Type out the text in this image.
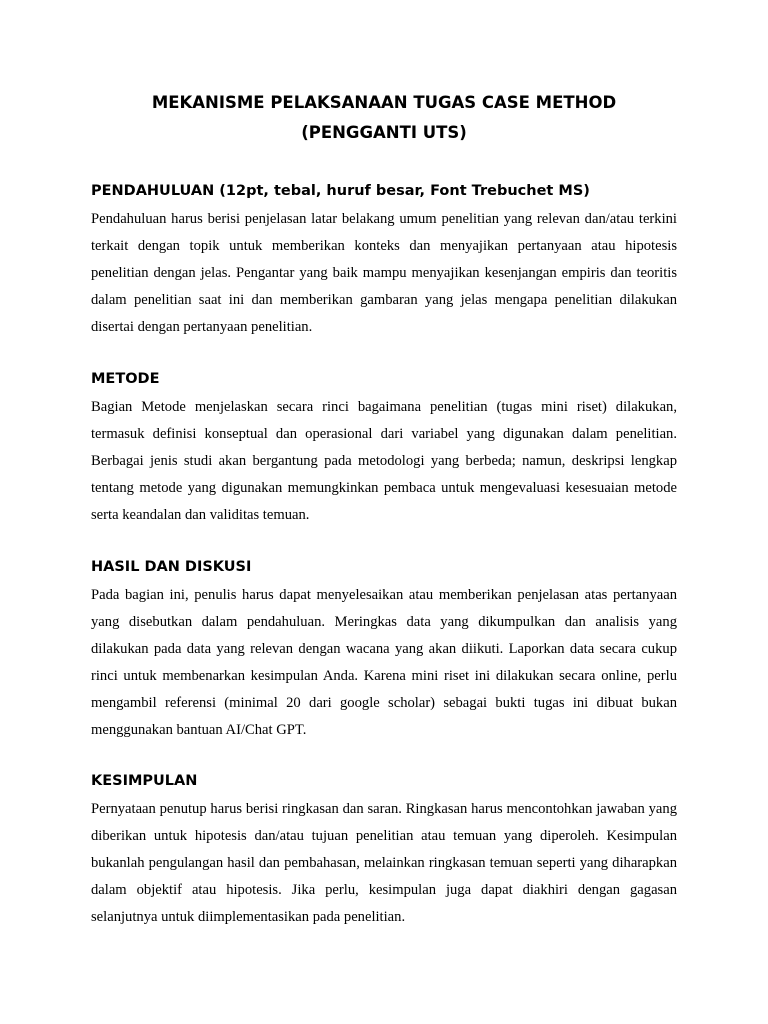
MEKANISME PELAKSANAAN TUGAS CASE METHOD
(PENGGANTI UTS)
PENDAHULUAN (12pt, tebal, huruf besar, Font Trebuchet MS)

Pendahuluan harus berisi penjelasan latar belakang umum penelitian yang relevan dan/atau terkini terkait dengan topik untuk memberikan konteks dan menyajikan pertanyaan atau hipotesis penelitian dengan jelas. Pengantar yang baik mampu menyajikan kesenjangan empiris dan teoritis dalam penelitian saat ini dan memberikan gambaran yang jelas mengapa penelitian dilakukan disertai dengan pertanyaan penelitian.

METODE

Bagian Metode menjelaskan secara rinci bagaimana penelitian (tugas mini riset) dilakukan, termasuk definisi konseptual dan operasional dari variabel yang digunakan dalam penelitian. Berbagai jenis studi akan bergantung pada metodologi yang berbeda; namun, deskripsi lengkap tentang metode yang digunakan memungkinkan pembaca untuk mengevaluasi kesesuaian metode serta keandalan dan validitas temuan.

HASIL DAN DISKUSI

Pada bagian ini, penulis harus dapat menyelesaikan atau memberikan penjelasan atas pertanyaan yang disebutkan dalam pendahuluan. Meringkas data yang dikumpulkan dan analisis yang dilakukan pada data yang relevan dengan wacana yang akan diikuti. Laporkan data secara cukup rinci untuk membenarkan kesimpulan Anda. Karena mini riset ini dilakukan secara online, perlu mengambil referensi (minimal 20 dari google scholar) sebagai bukti tugas ini dibuat bukan menggunakan bantuan AI/Chat GPT.

KESIMPULAN

Pernyataan penutup harus berisi ringkasan dan saran. Ringkasan harus mencontohkan jawaban yang diberikan untuk hipotesis dan/atau tujuan penelitian atau temuan yang diperoleh. Kesimpulan bukanlah pengulangan hasil dan pembahasan, melainkan ringkasan temuan seperti yang diharapkan dalam objektif atau hipotesis. Jika perlu, kesimpulan juga dapat diakhiri dengan gagasan selanjutnya untuk diimplementasikan pada penelitian.
